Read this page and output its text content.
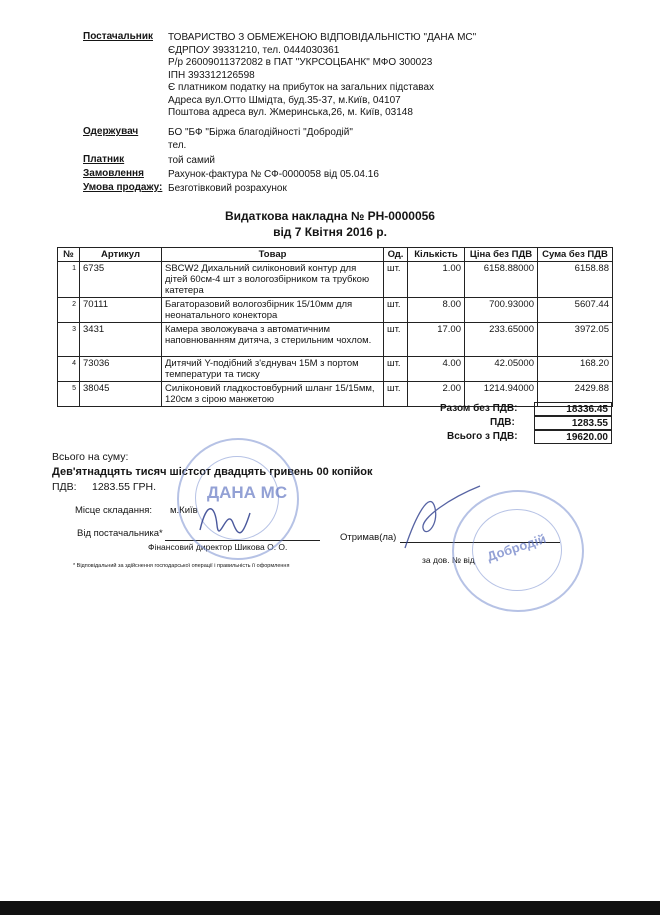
Постачальник ТОВАРИСТВО З ОБМЕЖЕНОЮ ВІДПОВІДАЛЬНІСТЮ "ДАНА МС"
ЄДРПОУ 39331210, тел. 0444030361
Р/р 26009011372082 в ПАТ "УКРСОЦБАНК" МФО 300023
ІПН 393312126598
Є платником податку на прибуток на загальних підставах
Адреса вул.Отто Шмідта, буд.35-37, м.Київ, 04107
Поштова адреса вул. Жмеринська,26, м. Київ, 03148
Одержувач	БО "БФ "Біржа благодійності "Добродій"
тел.
Платник	той самий
Замовлення Рахунок-фактура № СФ-0000058 від 05.04.16
Умова продажу: Безготівковий розрахунок
Видаткова накладна № РН-0000056
від 7 Квітня 2016 р.
№	Артикул	Товар	Од.	Кількість	Ціна без ПДВ	Сума без ПДВ
1	6735	SBCW2 Дихальний силіконовий контур для дітей 60см-4 шт з вологозбірником та трубкою катетера	шт.	1.00	6158.88000	6158.88
2	70111	Багаторазовий вологозбірник 15/10мм для неонатального конектора	шт.	8.00	700.93000	5607.44
3	3431	Камера зволожувача з автоматичним наповнюванням дитяча, з стерильним чохлом.	шт.	17.00	233.65000	3972.05
4	73036	Дитячий Y-подібний з'єднувач 15M з портом температури та тиску	шт.	4.00	42.05000	168.20
5	38045	Силіконовий гладкостовбурний шланг 15/15мм, 120см з сірою манжетою	шт.	2.00	1214.94000	2429.88
Разом без ПДВ:	18336.45
ПДВ:	1283.55
Всього з ПДВ:	19620.00
Всього на суму:
Дев'ятнадцять тисяч шістсот двадцять гривень 00 копійок
ПДВ: 1283.55 ГРН.
Місце складання: м.Київ
Від постачальника*
Фінансовий директор Шикова О. О.
Отримав(ла)
за дов. № від
* Відповідальний за здійснення господарської операції і правильність її оформлення
ДАНА МС
Добродій
